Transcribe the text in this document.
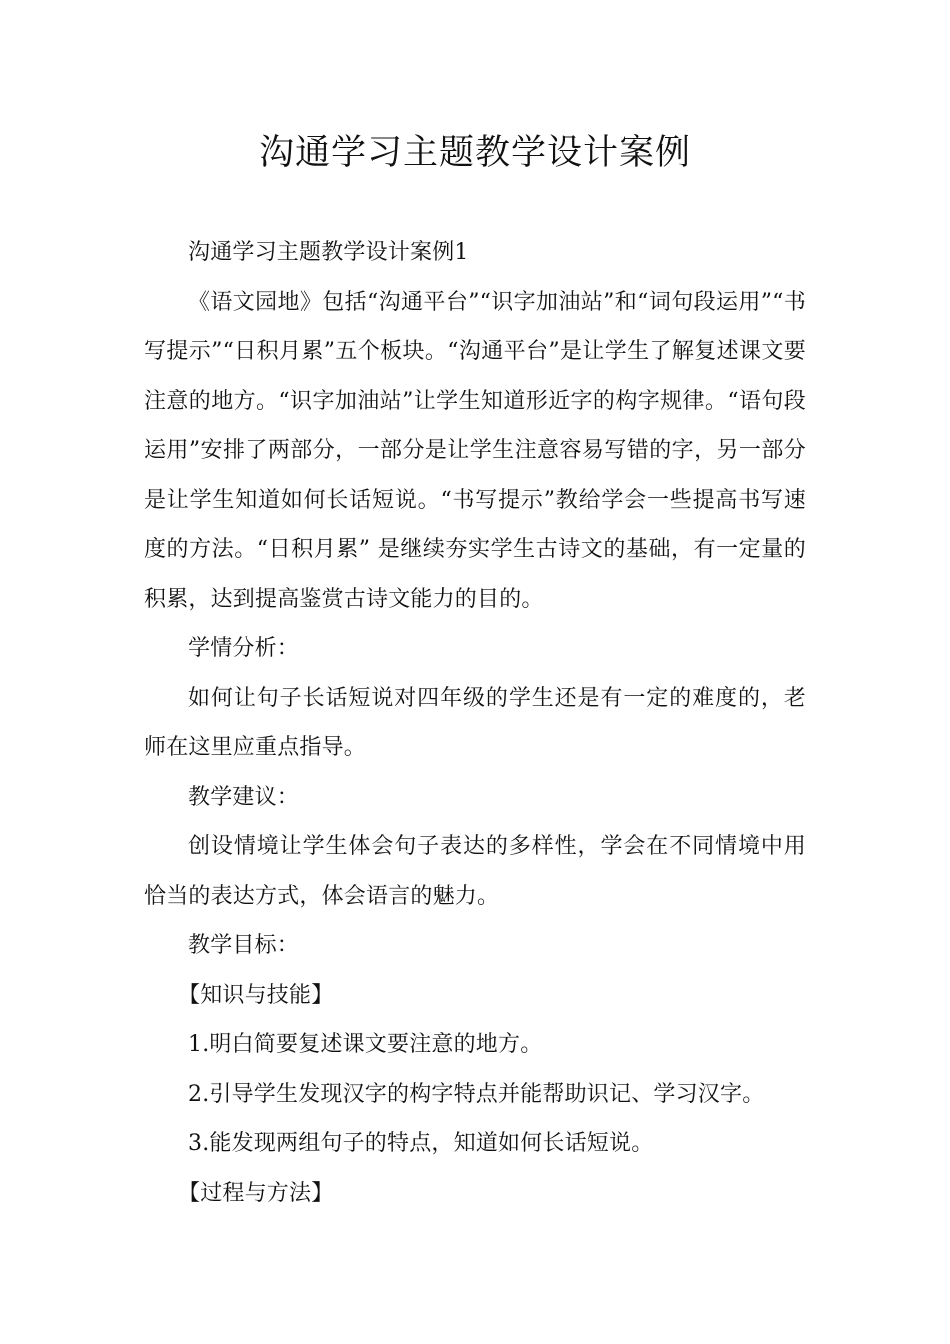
沟通学习主题教学设计案例

沟通学习主题教学设计案例1

《语文园地》包括“沟通平台”“识字加油站”和“词句段运用”“书写提示”“日积月累”五个板块。“沟通平台”是让学生了解复述课文要注意的地方。“识字加油站”让学生知道形近字的构字规律。“语句段运用”安排了两部分，一部分是让学生注意容易写错的字，另一部分是让学生知道如何长话短说。“书写提示”教给学会一些提高书写速度的方法。“日积月累” 是继续夯实学生古诗文的基础，有一定量的积累，达到提高鉴赏古诗文能力的目的。

学情分析：

如何让句子长话短说对四年级的学生还是有一定的难度的，老师在这里应重点指导。

教学建议：

创设情境让学生体会句子表达的多样性，学会在不同情境中用恰当的表达方式，体会语言的魅力。

教学目标：

【知识与技能】

1.明白简要复述课文要注意的地方。

2.引导学生发现汉字的构字特点并能帮助识记、学习汉字。

3.能发现两组句子的特点，知道如何长话短说。

【过程与方法】
